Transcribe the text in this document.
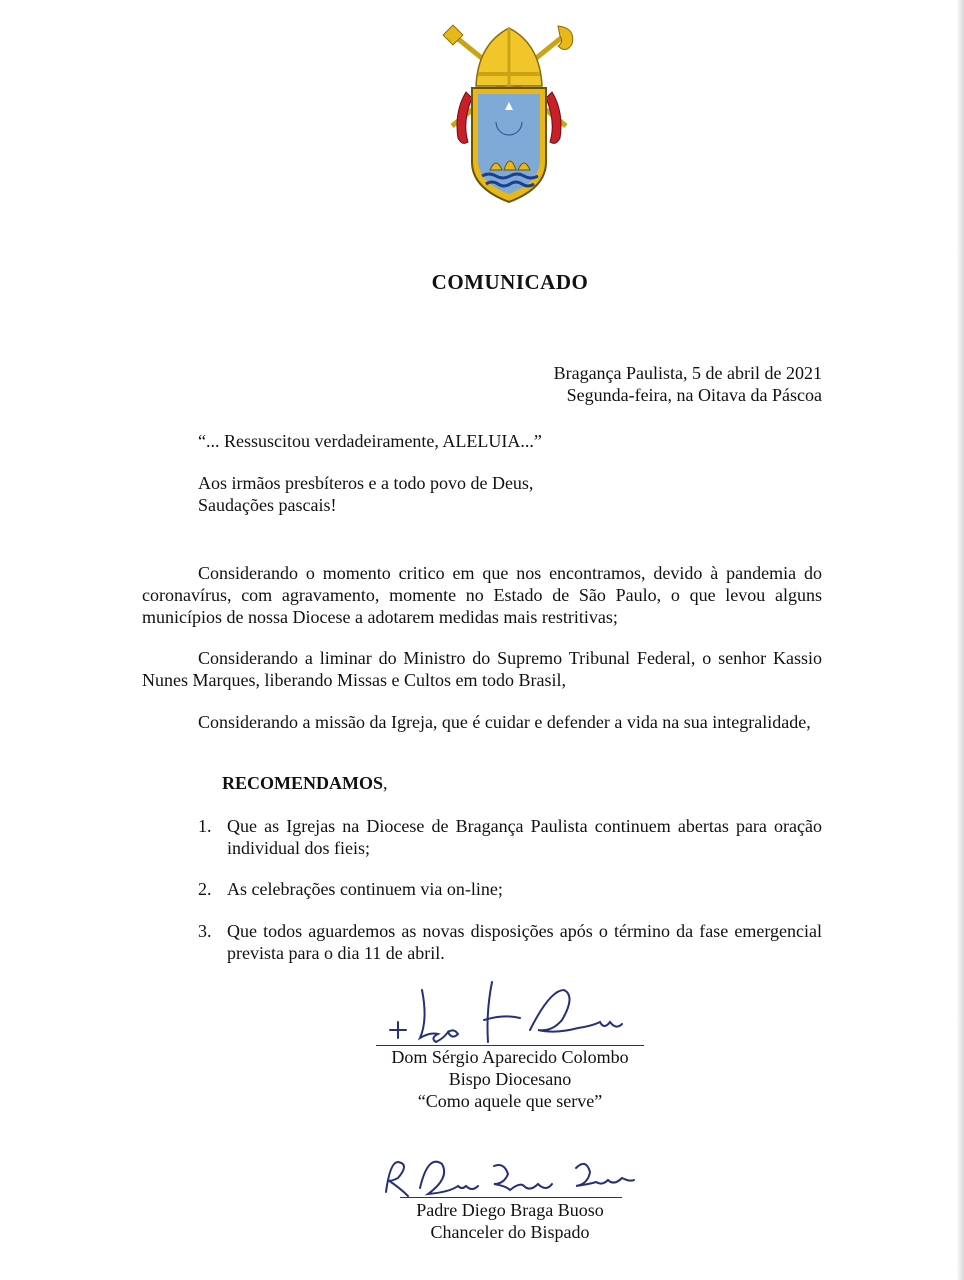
COMUNICADO
Bragança Paulista, 5 de abril de 2021
Segunda-feira, na Oitava da Páscoa
“... Ressuscitou verdadeiramente, ALELUIA...”
Aos irmãos presbíteros e a todo povo de Deus,
Saudações pascais!
Considerando o momento critico em que nos encontramos, devido à pandemia do coronavírus, com agravamento, momente no Estado de São Paulo, o que levou alguns municípios de nossa Diocese a adotarem medidas mais restritivas;
Considerando a liminar do Ministro do Supremo Tribunal Federal, o senhor Kassio Nunes Marques, liberando Missas e Cultos em todo Brasil,
Considerando a missão da Igreja, que é cuidar e defender a vida na sua integralidade,
RECOMENDAMOS,
1. Que as Igrejas na Diocese de Bragança Paulista continuem abertas para oração individual dos fieis;
2. As celebrações continuem via on-line;
3. Que todos aguardemos as novas disposições após o término da fase emergencial prevista para o dia 11 de abril.
Dom Sérgio Aparecido Colombo
Bispo Diocesano
“Como aquele que serve”
Padre Diego Braga Buoso
Chanceler do Bispado
